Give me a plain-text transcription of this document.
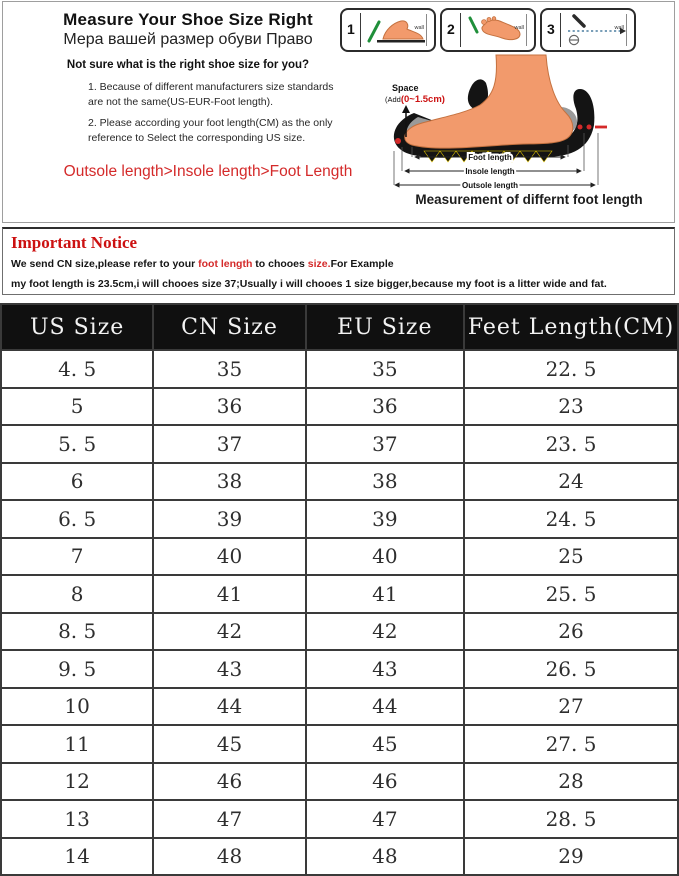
Measure Your Shoe Size Right
Мера вашей размер обуви Право
Not sure what is the right shoe size for you?

1. Because of different manufacturers size standards are not the same(US-EUR-Foot length).

2. Please according your foot length(CM) as the only reference to Select the corresponding US size.

Outsole length>Insole length>Foot Length
1	wall 2	wall 3	wall
Space
(Add(0~1.5cm)
Foot length
Insole length
Outsole length
Measurement of differnt foot length
Important Notice

We send CN size,please refer to your foot length to chooes size.For Example

my foot length is 23.5cm,i will chooes size 37;Usually i will chooes 1 size bigger,because my foot is a litter wide and fat.

US Size	CN Size	EU Size	Feet Length(CM)
4. 5	35	35	22. 5
5	36	36	23
5. 5	37	37	23. 5
6	38	38	24
6. 5	39	39	24. 5
7	40	40	25
8	41	41	25. 5
8. 5	42	42	26
9. 5	43	43	26. 5
10	44	44	27
11	45	45	27. 5
12	46	46	28
13	47	47	28. 5
14	48	48	29
